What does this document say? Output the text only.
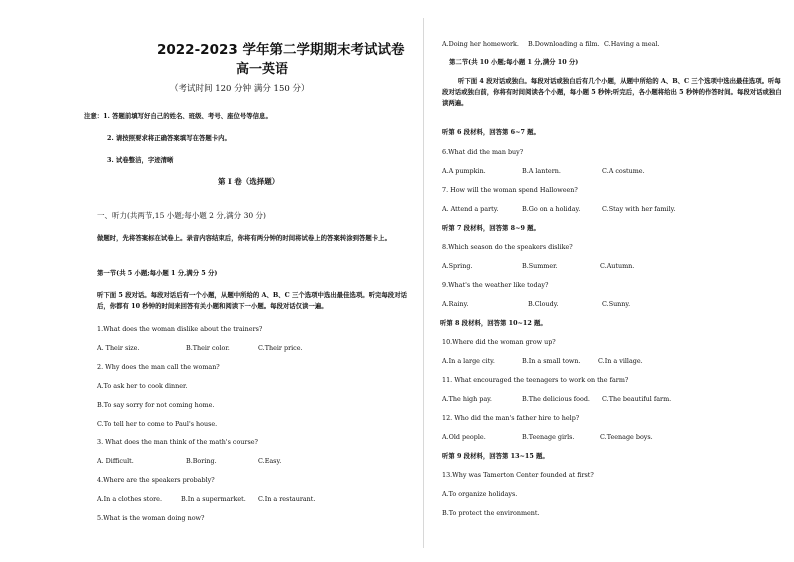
2022-2023 学年第二学期期末考试试卷
高一英语
（考试时间 120 分钟 满分 150 分）
注意：1. 答题前填写好自己的姓名、班级、考号、座位号等信息。
2. 请按照要求将正确答案填写在答题卡内。
3. 试卷整洁，字迹清晰
第 I 卷（选择题）
一、听力(共两节,15 小题;每小题 2 分,满分 30 分)
做题时，先将答案标在试卷上。录音内容结束后，你将有两分钟的时间将试卷上的答案转涂到答题卡上。
第一节(共 5 小题;每小题 1 分,满分 5 分)
听下面 5 段对话。每段对话后有一个小题，从题中所给的 A、B、C 三个选项中选出最佳选项。听完每段对话后，你都有 10 秒钟的时间来回答有关小题和阅读下一小题。每段对话仅读一遍。
1.What does the woman dislike about the trainers?
A. Their size.	B.Their color.	C.Their price.
2. Why does the man call the woman?
A.To ask her to cook dinner.
B.To say sorry for not coming home.
C.To tell her to come to Paul's house.
3. What does the man think of the math's course?
A. Difficult.	B.Boring.	C.Easy.
4.Where are the speakers probably?
A.In a clothes store.	B.In a supermarket. C.In a restaurant.
5.What is the woman doing now?
A.Doing her homework. B.Downloading a film. C.Having a meal.
第二节(共 10 小题;每小题 1 分,满分 10 分)
听下面 4 段对话或独白。每段对话或独白后有几个小题，从题中所给的 A、B、C 三个选项中选出最佳选项。听每段对话或独白前，你将有时间阅读各个小题，每小题 5 秒钟;听完后，各小题将给出 5 秒钟的作答时间。每段对话或独白读两遍。
听第 6 段材料，回答第 6~7 题。
6.What did the man buy?
A.A pumpkin.	B.A lantern.	C.A costume.
7. How will the woman spend Halloween?
A. Attend a party.	B.Go on a holiday.	C.Stay with her family.
听第 7 段材料，回答第 8~9 题。
8.Which season do the speakers dislike?
A.Spring.	B.Summer.	C.Autumn.
9.What's the weather like today?
A.Rainy.	B.Cloudy.	C.Sunny.
听第 8 段材料，回答第 10~12 题。
10.Where did the woman grow up?
A.In a large city.	B.In a small town.	C.In a village.
11. What encouraged the teenagers to work on the farm?
A.The high pay.	B.The delicious food. C.The beautiful farm.
12. Who did the man's father hire to help?
A.Old people.	B.Teenage girls.	C.Teenage boys.
听第 9 段材料，回答第 13~15 题。
13.Why was Tamerton Center founded at first?
A.To organize holidays.
B.To protect the environment.
